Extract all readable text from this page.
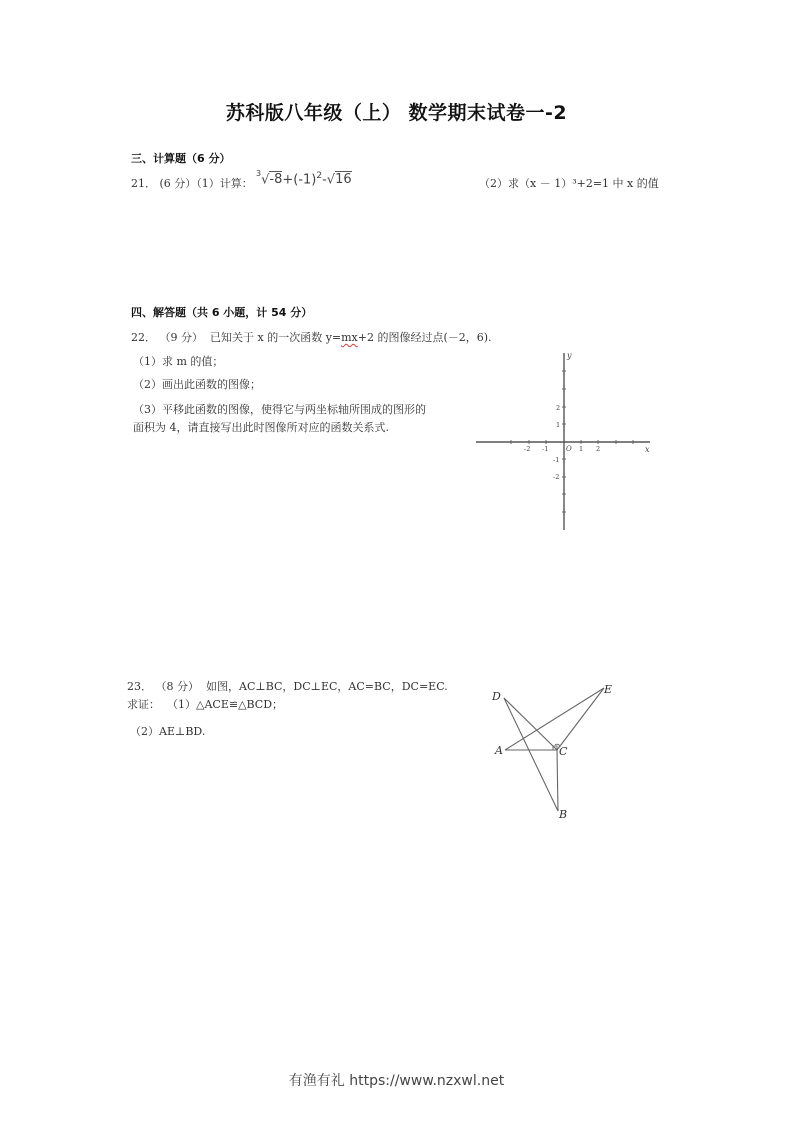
苏科版八年级（上） 数学期末试卷一-2
三、计算题（6 分）
21． (6 分）（1）计算：
$^3√-8+(-1)^2-√16$	（2）求（x － 1）³+2=1 中 x 的值
四、解答题（共 6 小题，计 54 分）
22． （9 分） 已知关于 x 的一次函数 y=mx+2 的图像经过点(－2，6).
（1）求 m 的值；
（2）画出此函数的图像；
（3）平移此函数的图像，使得它与两坐标轴所围成的图形的
面积为 4，请直接写出此时图像所对应的函数关系式.
y
x
O
-2 -1	1 2
2
1
-1
-2
23． （8 分） 如图，AC⊥BC，DC⊥EC，AC=BC，DC=EC.
求证： （1）△ACE≌△BCD；
（2）AE⊥BD.
D
E
A	C
B
有渔有礼 https://www.nzxwl.net
